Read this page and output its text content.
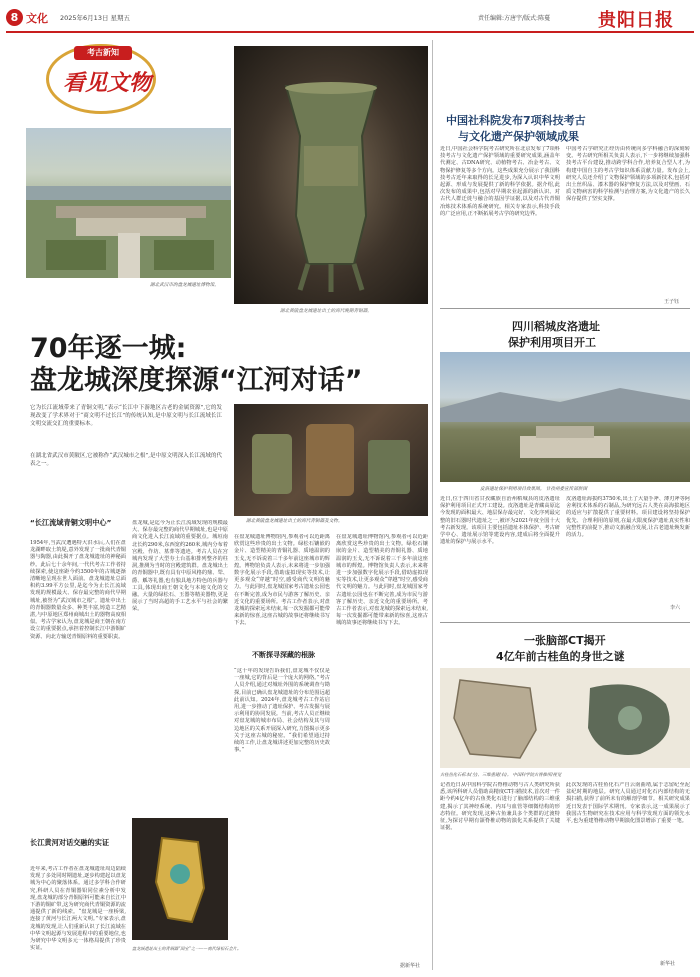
8 文化 2025年6月13日 星期五	责任编辑:方唐宇/版式:陈蔓	贵阳日报
考古新知
看见文物
湖北武汉市的盘龙城遗址博物馆。
湖北黄陂盘龙城遗址出土的商代晚期青铜器。
70年逐一城:
盘龙城深度探源“江河对话”
它为长江流域带来了青铜文明,“表示“长江中下游地区古老的金属资源”,它的发现改变了学术界对于“商文明不过长江”的传统认知,是中原文明与长江流域长江文明交流交汇的重要标本。
在湖北省武汉市黄陂区,它被称作“武汉城市之根”,是中原文明深入长江流域的代表之一。
湖北黄陂盘龙城遗址出土的商代青铜器及文物。
“长江流域青铜文明中心”
1954年,当武汉遭遇特大洪水后,人们在盘龙湖畔取土筑堤,意外发现了一批商代青铜器与陶器,由此揭开了盘龙城遗址的神秘面纱。此后七十余年间,一代代考古工作者持续探索,使这座距今约3500年的古城逐渐清晰地呈现在世人面前。盘龙城遗址总面积约3.99平方公里,是迄今为止长江流域发现的规模最大、保存最完整的商代早期城址,被誉为“武汉城市之根”。遗址中出土的青铜器数量众多、种类丰富,铸造工艺精湛,与中原地区郑州商城出土的器物高度相似。考古学家认为,盘龙城是商王朝在南方设立的重要据点,承担着控制长江中游铜矿资源、向北方输送青铜原料的重要职责。
长江黄河对话交融的实证
近年来,考古工作者在盘龙城遗址周边陆续发现了多处同时期遗址,逐步构建起以盘龙城为中心的聚落体系。通过多学科合作研究,科研人员在青铜器铅同位素分析中发现,盘龙城的部分青铜原料可能来自长江中下游的铜矿带,这为研究商代青铜资源的流通提供了新的线索。“盘龙城是一座桥梁,连接了黄河与长江两大文明。”专家表示,盘龙城的发现,让人们重新认识了长江流域在中华文明起源与发展进程中的重要地位,也为研究中华文明多元一体格局提供了珍贵实证。
盘龙城,是迄今为止长江流域发现的规模最大、保存最完整的商代早期城址,也是中原商文化进入长江流域的重要据点。城垣南北长约290米,东西宽约260米,城内分布着宫殿、作坊、墓葬等遗迹。考古人员在宫城内发现了大型夯土台基和排列整齐的柱洞,推测为当时的宫殿建筑群。盘龙城出土的青铜器中,既有具有中原风格的鼎、斝、爵、觚等礼器,也有独具地方特色的兵器与工具,体现出商王朝文化与本地文化的交融。大量的绿松石、玉器等精美器物,更是展示了当时高超的手工艺水平与社会的繁荣。
盘龙城遗址出土的青铜器“国宝”之一——商代绿松石金片。
在盘龙城遗址博物馆内,参观者可以近距离欣赏这些珍贵的出土文物。绿松石镶嵌的金片、造型精美的青铜礼器、质地温润的玉戈,无不诉说着三千多年前这座城市的辉煌。博物馆负责人表示,未来将进一步加强数字化展示手段,借助虚拟现实等技术,让更多观众“穿越”时空,感受商代文明的魅力。与此同时,盘龙城国家考古遗址公园也在不断完善,成为市民与游客了解历史、亲近文化的重要场所。考古工作者表示,对盘龙城的探索远未结束,每一次发掘都可能带来新的惊喜,这座古城的故事还将继续书写下去。
不断探寻深藏的根脉
“这十年的发现告诉我们,盘龙城不仅仅是一座城,它的背后是一个庞大的网络。”考古人员介绍,通过对城址外围的系统调查与勘探,目前已确认盘龙城遗址的分布范围远超此前认知。2024年,盘龙城考古工作站启用,进一步推动了遗址保护、考古发掘与展示利用的协同发展。当前,考古人员正继续对盘龙城的城市布局、社会结构及其与周边地区的关系开展深入研究,力图揭示更多关于这座古城的秘密。“我们希望通过持续的工作,让盘龙城讲述更加完整的历史故事。”
在盘龙城遗址博物馆内,参观者可以近距离欣赏这些珍贵的出土文物。绿松石镶嵌的金片、造型精美的青铜礼器、质地温润的玉戈,无不诉说着三千多年前这座城市的辉煌。博物馆负责人表示,未来将进一步加强数字化展示手段,借助虚拟现实等技术,让更多观众“穿越”时空,感受商代文明的魅力。与此同时,盘龙城国家考古遗址公园也在不断完善,成为市民与游客了解历史、亲近文化的重要场所。考古工作者表示,对盘龙城的探索远未结束,每一次发掘都可能带来新的惊喜,这座古城的故事还将继续书写下去。
据新华社
中国社科院发布7项科技考古
与文化遗产保护领域成果
近日,中国社会科学院考古研究所在北京发布了7项科技考古与文化遗产保护领域的重要研究成果,涵盖年代测定、古DNA研究、动植物考古、冶金考古、文物保护修复等多个方向。这些成果充分展示了我国科技考古近年来取得的长足进步,为深入认识中华文明起源、形成与发展提供了新的科学依据。据介绍,此次发布的成果中,包括对早期农业起源的新认识、对古代人群迁徙与融合的基因学证据,以及对古代青铜冶炼技术体系的系统研究。相关专家表示,科技手段的广泛应用,正不断拓展考古学的研究边界。
中国考古学研究正经历由传统向多学科融合的深刻转变。考古研究所相关负责人表示,下一步将继续加强科技考古平台建设,推动跨学科合作,培养复合型人才,为构建中国自主的考古学知识体系贡献力量。发布会上,研究人员还介绍了文物保护领域的多项新技术,包括对出土丝织品、漆木器的保护修复方法,以及对壁画、石质文物病害的科学检测与治理方案,为文化遗产的长久保存提供了坚实支撑。
王子钰
四川稻城皮洛遗址
保护利用项目开工
皮洛遗址保护利用项目效果图。 甘孜州委宣传部供图
近日,位于四川省甘孜藏族自治州稻城县的皮洛遗址保护利用项目正式开工建设。皮洛遗址是青藏高原迄今发现的面积最大、地层保存最完好、文化序列最完整的旧石器时代遗址之一,被评为2021年度全国十大考古新发现。该项目主要包括遗址本体保护、考古研学中心、遗址展示馆等建设内容,建成后将全面提升遗址的保护与展示水平。
皮洛遗址海拔约3750米,出土了大量手斧、薄刃斧等阿舍利技术体系的石制品,为研究远古人类在高海拔地区的适应与扩散提供了重要材料。项目建设将坚持保护优先、合理利用的原则,在最大限度保护遗址真实性和完整性的前提下,推动文旅融合发展,让古老遗址焕发新的活力。
李六
一张脑部CT揭开
4亿年前古桂鱼的身世之谜
古桂鱼化石标本(左)、三维重建(右)。 中国科学院古脊椎所/视觉
记者近日从中国科学院古脊椎动物与古人类研究所获悉,该所科研人员借助高精度CT扫描技术,首次对一件距今约4亿年的古鱼类化石进行了脑部结构的三维重建,揭示了其神经系统、内耳与血管等细微结构的形态特征。研究发现,这种古鱼兼具多个类群的过渡特征,为探讨早期有颌脊椎动物的演化关系提供了关键证据。
此次发现的古桂鱼化石产自云南曲靖,属于志留纪至泥盆纪时期的地层。研究人员通过对化石内部结构的无损扫描,获得了前所未有的解剖学细节。相关研究成果近日发表于国际学术期刊。专家表示,这一成果展示了我国古生物研究在技术应用与科学发现方面的领先水平,也为重建脊椎动物早期演化图景增添了重要一笔。
新华社
